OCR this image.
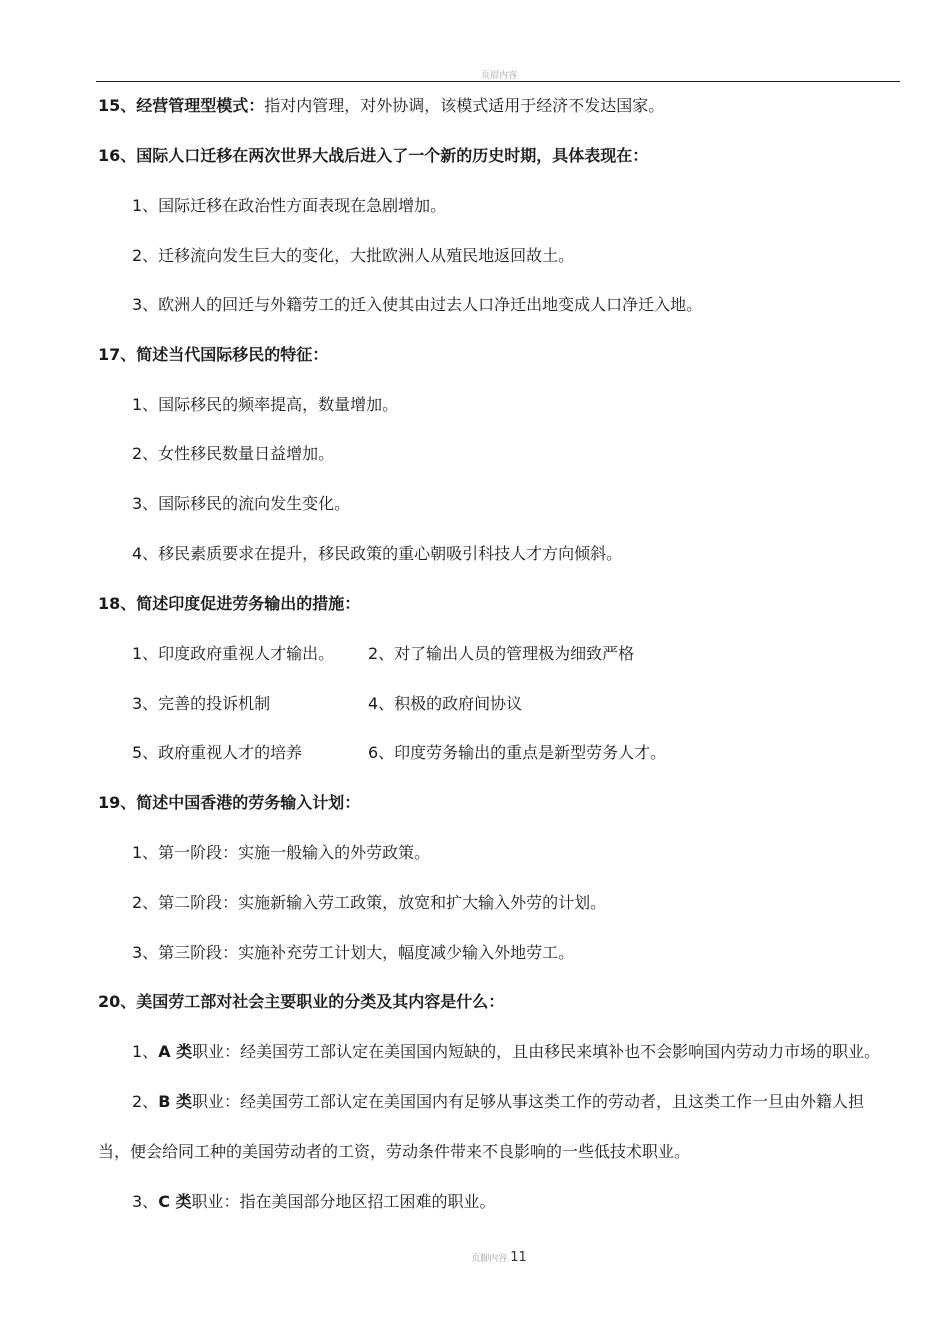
页眉内容
15、经营管理型模式：指对内管理，对外协调，该模式适用于经济不发达国家。
16、国际人口迁移在两次世界大战后进入了一个新的历史时期，具体表现在：
1、国际迁移在政治性方面表现在急剧增加。
2、迁移流向发生巨大的变化，大批欧洲人从殖民地返回故土。
3、欧洲人的回迁与外籍劳工的迁入使其由过去人口净迁出地变成人口净迁入地。
17、简述当代国际移民的特征：
1、国际移民的频率提高，数量增加。
2、女性移民数量日益增加。
3、国际移民的流向发生变化。
4、移民素质要求在提升，移民政策的重心朝吸引科技人才方向倾斜。
18、简述印度促进劳务输出的措施：
1、印度政府重视人才输出。 2、对了输出人员的管理极为细致严格
3、完善的投诉机制	4、积极的政府间协议
5、政府重视人才的培养	6、印度劳务输出的重点是新型劳务人才。
19、简述中国香港的劳务输入计划：
1、第一阶段：实施一般输入的外劳政策。
2、第二阶段：实施新输入劳工政策，放宽和扩大输入外劳的计划。
3、第三阶段：实施补充劳工计划大，幅度减少输入外地劳工。
20、美国劳工部对社会主要职业的分类及其内容是什么：
1、A 类职业：经美国劳工部认定在美国国内短缺的，且由移民来填补也不会影响国内劳动力市场的职业。
2、B 类职业：经美国劳工部认定在美国国内有足够从事这类工作的劳动者，且这类工作一旦由外籍人担
当，便会给同工种的美国劳动者的工资，劳动条件带来不良影响的一些低技术职业。
3、C 类职业：指在美国部分地区招工困难的职业。
页脚内容 11
